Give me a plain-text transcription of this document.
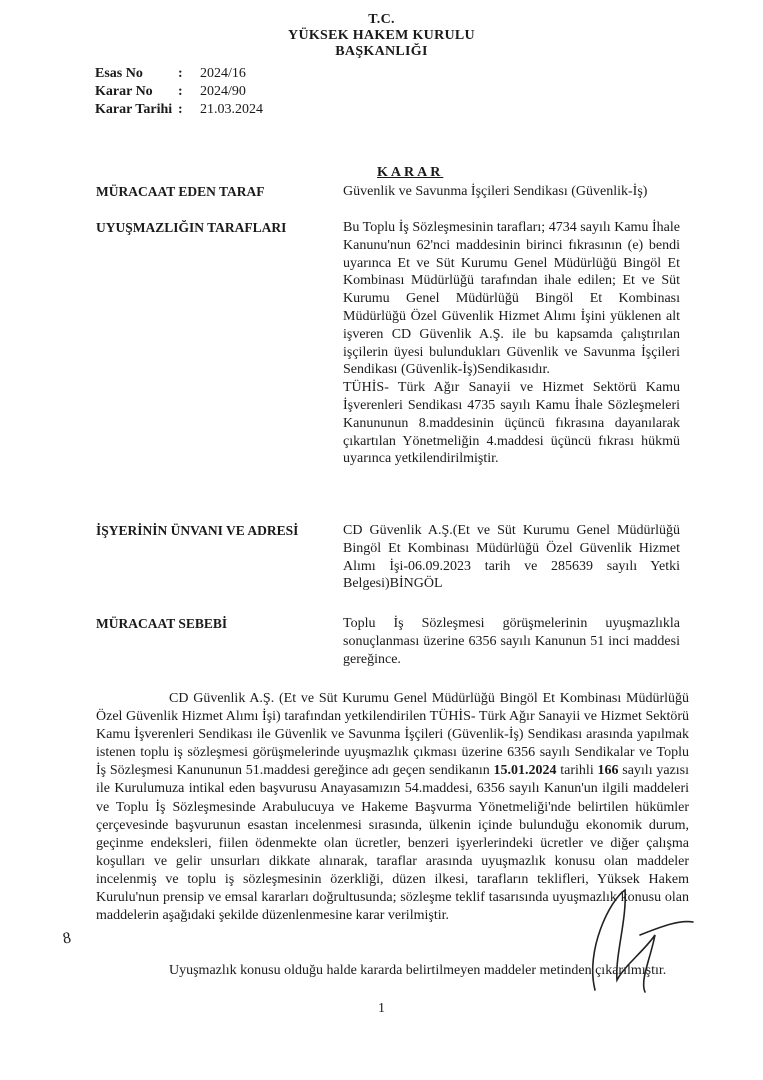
T.C.
YÜKSEK HAKEM KURULU
BAŞKANLIĞI
Esas No	:	2024/16
Karar No	:	2024/90
Karar Tarihi :	21.03.2024
KARAR
MÜRACAAT EDEN TARAF	Güvenlik ve Savunma İşçileri Sendikası (Güvenlik-İş)
UYUŞMAZLIĞIN TARAFLARI	Bu Toplu İş Sözleşmesinin tarafları; 4734 sayılı Kamu İhale Kanunu'nun 62'nci maddesinin birinci fıkrasının (e) bendi uyarınca Et ve Süt Kurumu Genel Müdürlüğü Bingöl Et Kombinası Müdürlüğü tarafından ihale edilen; Et ve Süt Kurumu Genel Müdürlüğü Bingöl Et Kombinası Müdürlüğü Özel Güvenlik Hizmet Alımı İşini yüklenen alt işveren CD Güvenlik A.Ş. ile bu kapsamda çalıştırılan işçilerin üyesi bulundukları Güvenlik ve Savunma İşçileri Sendikası (Güvenlik-İş)Sendikasıdır.
TÜHİS- Türk Ağır Sanayii ve Hizmet Sektörü Kamu İşverenleri Sendikası 4735 sayılı Kamu İhale Sözleşmeleri Kanununun 8.maddesinin üçüncü fıkrasına dayanılarak çıkartılan Yönetmeliğin 4.maddesi üçüncü fıkrası hükmü uyarınca yetkilendirilmiştir.
İŞYERİNİN ÜNVANI VE ADRESİ	CD Güvenlik A.Ş.(Et ve Süt Kurumu Genel Müdürlüğü Bingöl Et Kombinası Müdürlüğü Özel Güvenlik Hizmet Alımı İşi-06.09.2023 tarih ve 285639 sayılı Yetki Belgesi)BİNGÖL
MÜRACAAT SEBEBİ	Toplu İş Sözleşmesi görüşmelerinin uyuşmazlıkla sonuçlanması üzerine 6356 sayılı Kanunun 51 inci maddesi gereğince.
CD Güvenlik A.Ş. (Et ve Süt Kurumu Genel Müdürlüğü Bingöl Et Kombinası Müdürlüğü Özel Güvenlik Hizmet Alımı İşi) tarafından yetkilendirilen TÜHİS- Türk Ağır Sanayii ve Hizmet Sektörü Kamu İşverenleri Sendikası ile Güvenlik ve Savunma İşçileri (Güvenlik-İş) Sendikası arasında yapılmak istenen toplu iş sözleşmesi görüşmelerinde uyuşmazlık çıkması üzerine 6356 sayılı Sendikalar ve Toplu İş Sözleşmesi Kanununun 51.maddesi gereğince adı geçen sendikanın 15.01.2024 tarihli 166 sayılı yazısı ile Kurulumuza intikal eden başvurusu Anayasamızın 54.maddesi, 6356 sayılı Kanun'un ilgili maddeleri ve Toplu İş Sözleşmesinde Arabulucuya ve Hakeme Başvurma Yönetmeliği'nde belirtilen hükümler çerçevesinde başvurunun esastan incelenmesi sırasında, ülkenin içinde bulunduğu ekonomik durum, geçinme endeksleri, fiilen ödenmekte olan ücretler, benzeri işyerlerindeki ücretler ve diğer çalışma koşulları ve gelir unsurları dikkate alınarak, taraflar arasında uyuşmazlık konusu olan maddeler incelenmiş ve toplu iş sözleşmesinin özerkliği, düzen ilkesi, tarafların teklifleri, Yüksek Hakem Kurulu'nun prensip ve emsal kararları doğrultusunda; sözleşme teklif tasarısında uyuşmazlık konusu olan maddelerin aşağıdaki şekilde düzenlenmesine karar verilmiştir.
Uyuşmazlık konusu olduğu halde kararda belirtilmeyen maddeler metinden çıkarılmıştır.
8
1
